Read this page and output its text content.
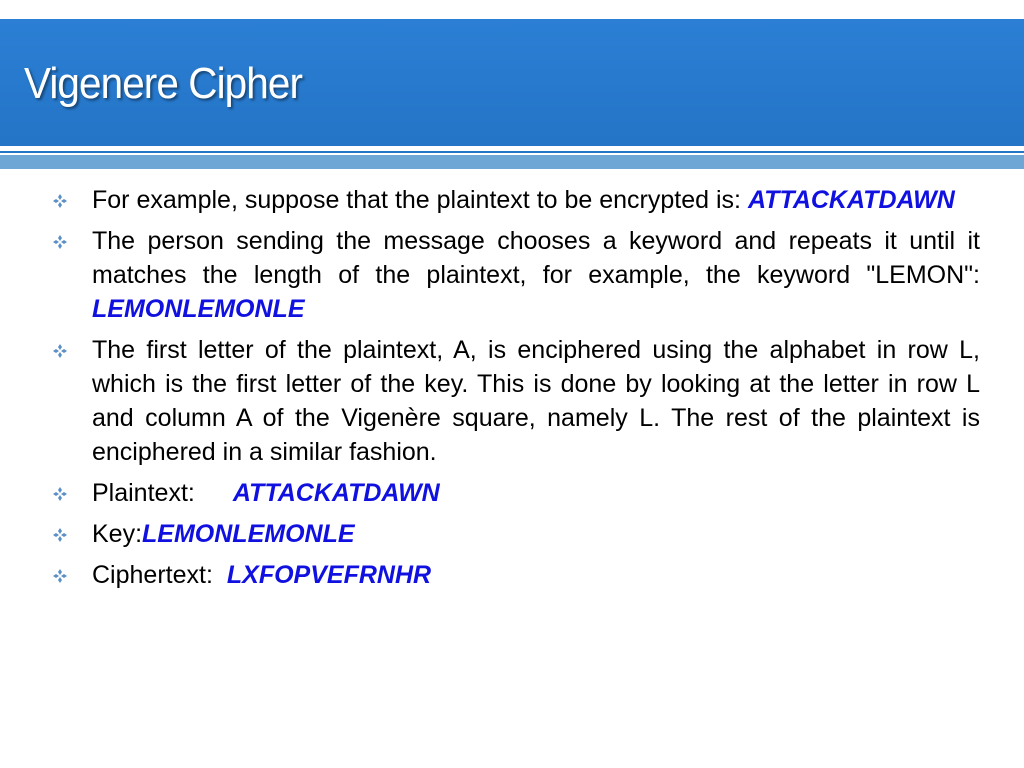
Vigenere Cipher
For example, suppose that the plaintext to be encrypted is: ATTACKATDAWN
The person sending the message chooses a keyword and repeats it until it matches the length of the plaintext, for example, the keyword "LEMON": LEMONLEMONLE
The first letter of the plaintext, A, is enciphered using the alphabet in row L, which is the first letter of the key. This is done by looking at the letter in row L and column A of the Vigenère square, namely L. The rest of the plaintext is enciphered in a similar fashion.
Plaintext: ATTACKATDAWN
Key:LEMONLEMONLE
Ciphertext: LXFOPVEFRNHR
